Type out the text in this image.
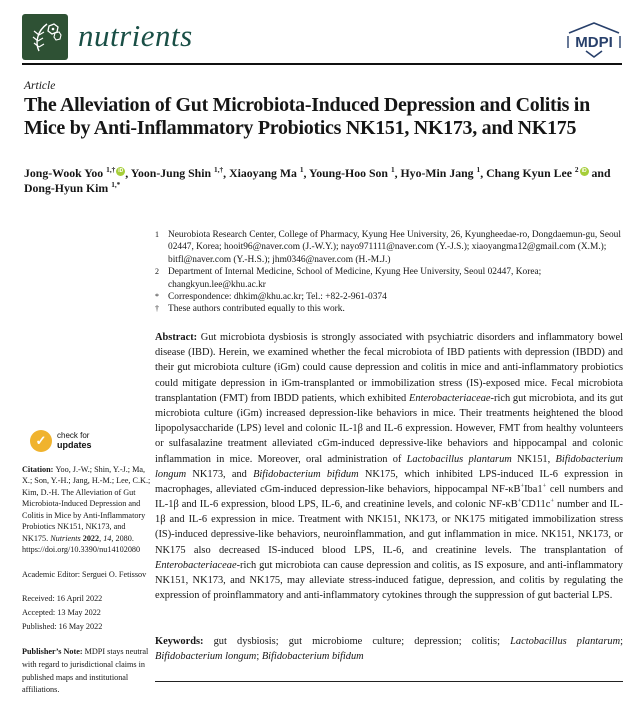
nutrients	MDPI
Article
The Alleviation of Gut Microbiota-Induced Depression and Colitis in Mice by Anti-Inflammatory Probiotics NK151, NK173, and NK175
Jong-Wook Yoo $^{1,\dagger}$ iD , Yoon-Jung Shin $^{1,\dagger}$, Xiaoyang Ma $^1$, Young-Hoo Son $^1$, Hyo-Min Jang $^1$, Chang Kyun Lee $^2$ iD and Dong-Hyun Kim $^{1,*}$
1 Neurobiota Research Center, College of Pharmacy, Kyung Hee University, 26, Kyungheedae-ro, Dongdaemun-gu, Seoul 02447, Korea; hooit96@naver.com (J.-W.Y.); nayo971111@naver.com (Y.-J.S.); xiaoyangma12@gmail.com (X.M.); bitfl@naver.com (Y.-H.S.); jhm0346@naver.com (H.-M.J.)
2 Department of Internal Medicine, School of Medicine, Kyung Hee University, Seoul 02447, Korea; changkyun.lee@khu.ac.kr
* Correspondence: dhkim@khu.ac.kr; Tel.: +82-2-961-0374
† These authors contributed equally to this work.
Abstract: Gut microbiota dysbiosis is strongly associated with psychiatric disorders and inflammatory bowel disease (IBD). Herein, we examined whether the fecal microbiota of IBD patients with depression (IBDD) and their gut microbiota culture (iGm) could cause depression and colitis in mice and anti-inflammatory probiotics could mitigate depression in iGm-transplanted or immobilization stress (IS)-exposed mice. Fecal microbiota transplantation (FMT) from IBDD patients, which exhibited Enterobacteriaceae-rich gut microbiota, and its gut microbiota culture (iGm) increased depression-like behaviors in mice. Their treatments heightened the blood lipopolysaccharide (LPS) level and colonic IL-1β and IL-6 expression. However, FMT from healthy volunteers or sulfasalazine treatment alleviated cGm-induced depressive-like behaviors and hippocampal and colonic inflammation in mice. Moreover, oral administration of Lactobacillus plantarum NK151, Bifidobacterium longum NK173, and Bifidobacterium bifidum NK175, which inhibited LPS-induced IL-6 expression in macrophages, alleviated cGm-induced depression-like behaviors, hippocampal NF-κB+Iba1+ cell numbers and IL-1β and IL-6 expression, blood LPS, IL-6, and creatinine levels, and colonic NF-κB+CD11c+ number and IL-1β and IL-6 expression in mice. Treatment with NK151, NK173, or NK175 mitigated immobilization stress (IS)-induced depressive-like behaviors, neuroinflammation, and gut inflammation in mice. NK151, NK173, or NK175 also decreased IS-induced blood LPS, IL-6, and creatinine levels. The transplantation of Enterobacteriaceae-rich gut microbiota can cause depression and colitis, as IS exposure, and anti-inflammatory NK151, NK173, and NK175, may alleviate stress-induced fatigue, depression, and colitis by regulating the expression of proinflammatory and anti-inflammatory cytokines through the suppression of gut bacterial LPS.
Keywords: gut dysbiosis; gut microbiome culture; depression; colitis; Lactobacillus plantarum; Bifidobacterium longum; Bifidobacterium bifidum
✓	check for
updates
Citation: Yoo, J.-W.; Shin, Y.-J.; Ma, X.; Son, Y.-H.; Jang, H.-M.; Lee, C.K.; Kim, D.-H. The Alleviation of Gut Microbiota-Induced Depression and Colitis in Mice by Anti-Inflammatory Probiotics NK151, NK173, and NK175. Nutrients 2022, 14, 2080. https://doi.org/10.3390/nu14102080
Academic Editor: Serguei O. Fetissov
Received: 16 April 2022
Accepted: 13 May 2022
Published: 16 May 2022
Publisher’s Note: MDPI stays neutral with regard to jurisdictional claims in published maps and institutional affiliations.
